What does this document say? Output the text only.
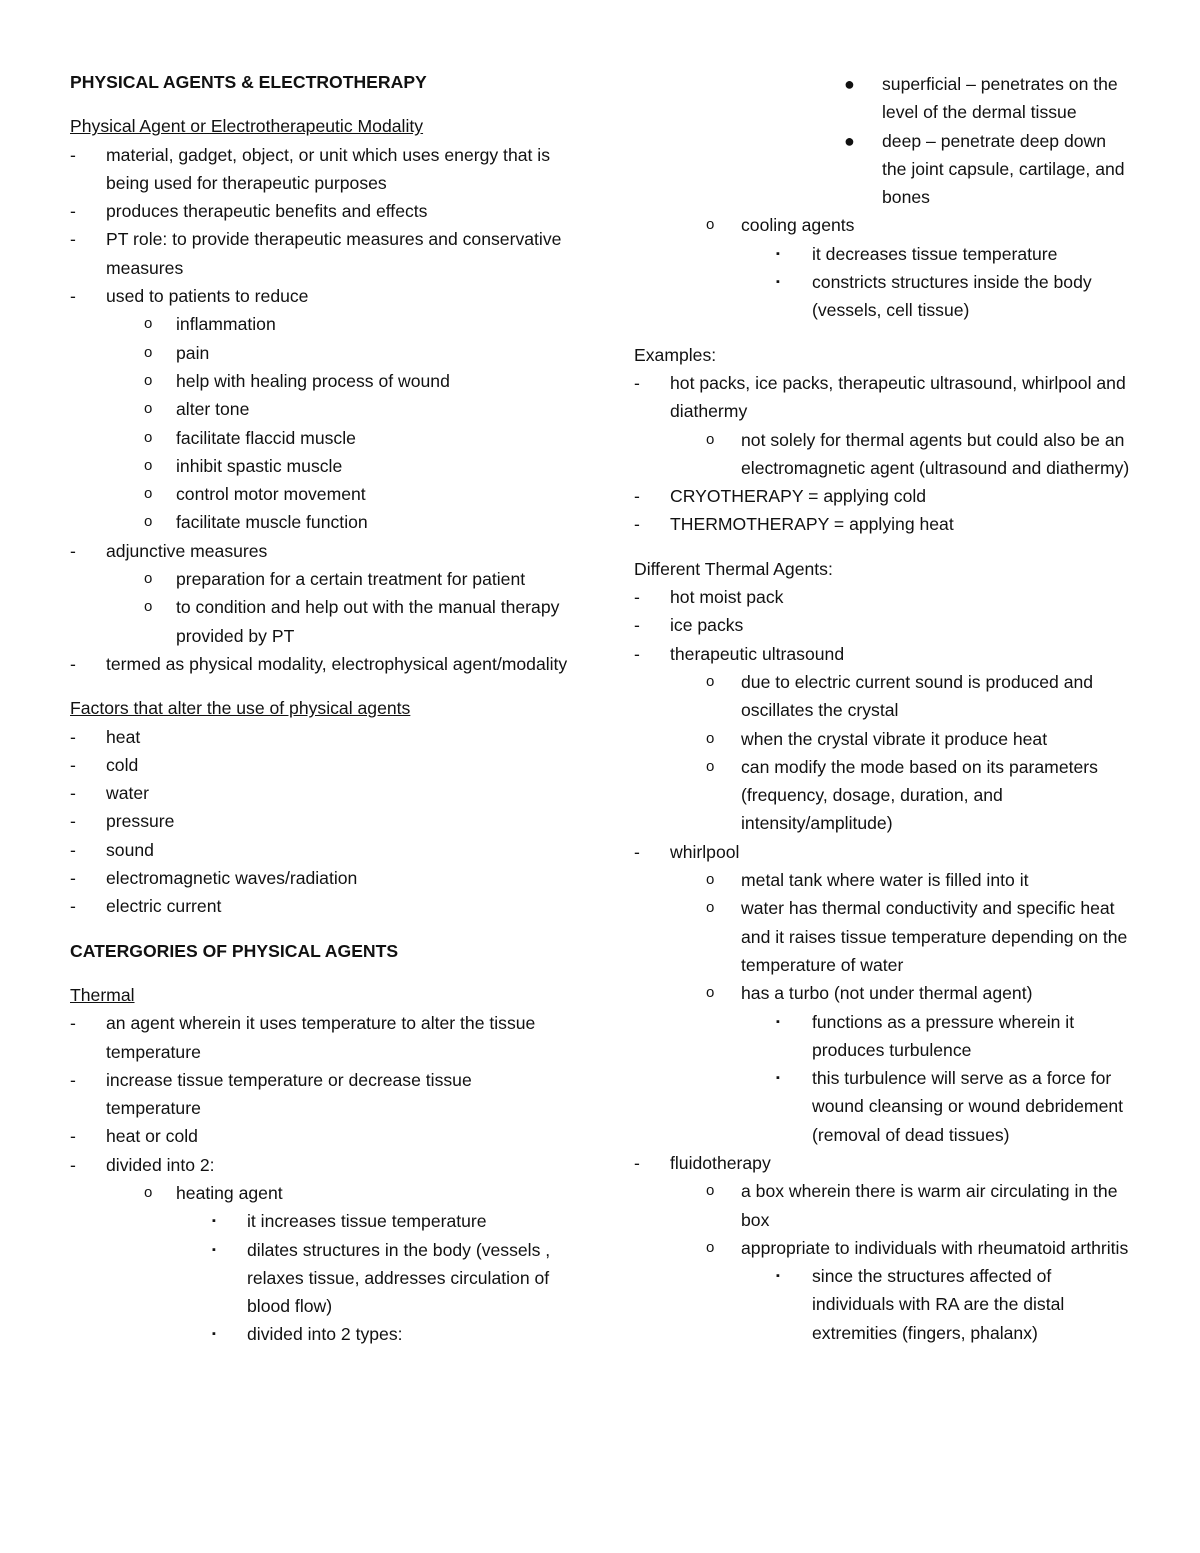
PHYSICAL AGENTS & ELECTROTHERAPY
Physical Agent or Electrotherapeutic Modality
- material, gadget, object, or unit which uses energy that is being used for therapeutic purposes
- produces therapeutic benefits and effects
- PT role: to provide therapeutic measures and conservative measures
- used to patients to reduce
o inflammation
o pain
o help with healing process of wound
o alter tone
o facilitate flaccid muscle
o inhibit spastic muscle
o control motor movement
o facilitate muscle function
- adjunctive measures
o preparation for a certain treatment for patient
o to condition and help out with the manual therapy provided by PT
- termed as physical modality, electrophysical agent/modality
Factors that alter the use of physical agents
- heat
- cold
- water
- pressure
- sound
- electromagnetic waves/radiation
- electric current
CATERGORIES OF PHYSICAL AGENTS
Thermal
- an agent wherein it uses temperature to alter the tissue temperature
- increase tissue temperature or decrease tissue temperature
- heat or cold
- divided into 2:
o heating agent
▪ it increases tissue temperature
▪ dilates structures in the body (vessels , relaxes tissue, addresses circulation of blood flow)
▪ divided into 2 types:
● superficial – penetrates on the level of the dermal tissue
● deep – penetrate deep down the joint capsule, cartilage, and bones
o cooling agents
▪ it decreases tissue temperature
▪ constricts structures inside the body (vessels, cell tissue)
Examples:
- hot packs, ice packs, therapeutic ultrasound, whirlpool and diathermy
o not solely for thermal agents but could also be an electromagnetic agent (ultrasound and diathermy)
- CRYOTHERAPY = applying cold
- THERMOTHERAPY = applying heat
Different Thermal Agents:
- hot moist pack
- ice packs
- therapeutic ultrasound
o due to electric current sound is produced and oscillates the crystal
o when the crystal vibrate it produce heat
o can modify the mode based on its parameters (frequency, dosage, duration, and intensity/amplitude)
- whirlpool
o metal tank where water is filled into it
o water has thermal conductivity and specific heat and it raises tissue temperature depending on the temperature of water
o has a turbo (not under thermal agent)
▪ functions as a pressure wherein it produces turbulence
▪ this turbulence will serve as a force for wound cleansing or wound debridement (removal of dead tissues)
- fluidotherapy
o a box wherein there is warm air circulating in the box
o appropriate to individuals with rheumatoid arthritis
▪ since the structures affected of individuals with RA are the distal extremities (fingers, phalanx)
